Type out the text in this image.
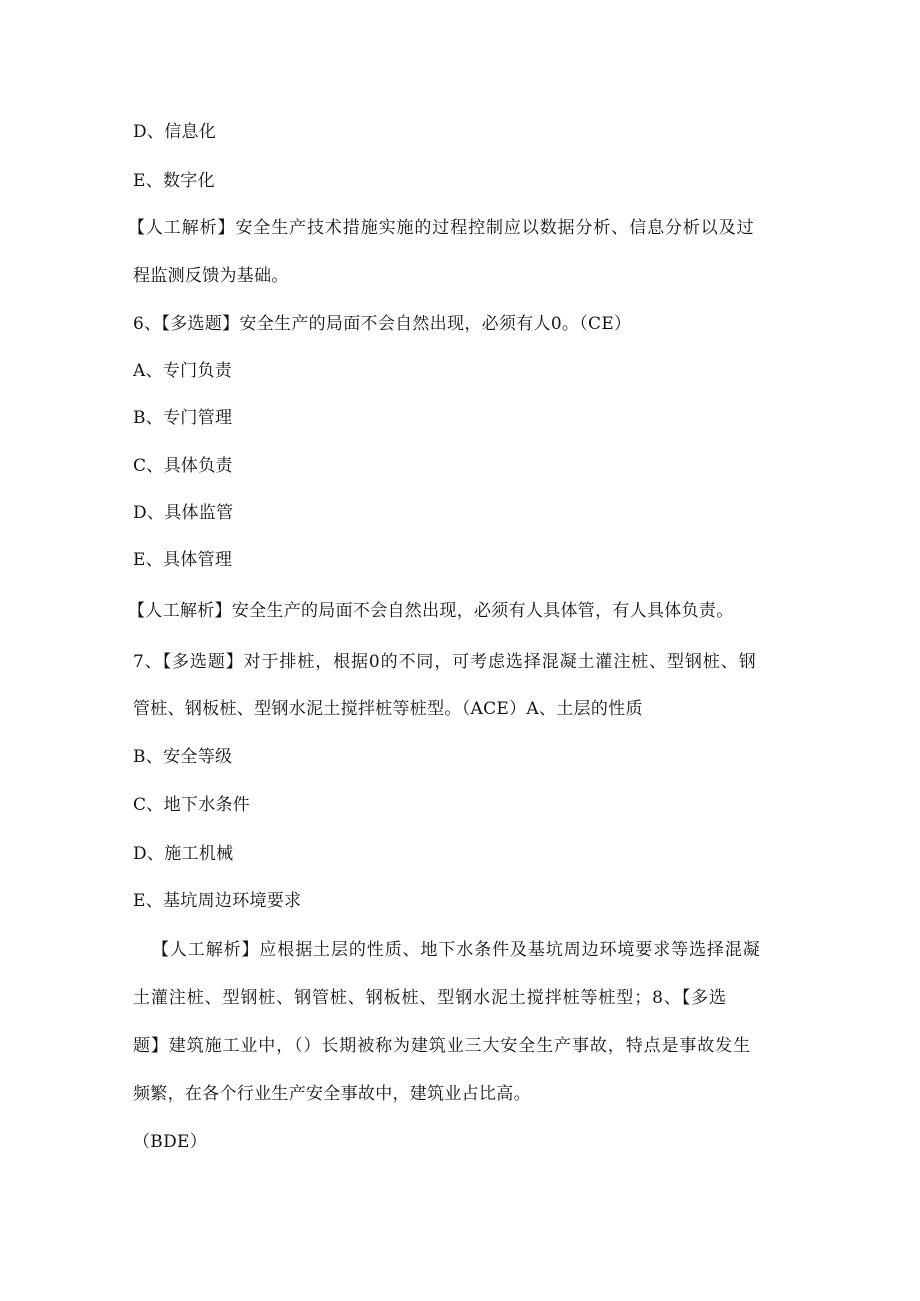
D、信息化
E、数字化
【人工解析】安全生产技术措施实施的过程控制应以数据分析、信息分析以及过
程监测反馈为基础。
6、【多选题】安全生产的局面不会自然出现，必须有人0。（CE）
A、专门负责
B、专门管理
C、具体负责
D、具体监管
E、具体管理
【人工解析】安全生产的局面不会自然出现，必须有人具体管，有人具体负责。
7、【多选题】对于排桩，根据0的不同，可考虑选择混凝土灌注桩、型钢桩、钢
管桩、钢板桩、型钢水泥土搅拌桩等桩型。（ACE）A、土层的性质
B、安全等级
C、地下水条件
D、施工机械
E、基坑周边环境要求
【人工解析】应根据土层的性质、地下水条件及基坑周边环境要求等选择混凝
土灌注桩、型钢桩、钢管桩、钢板桩、型钢水泥土搅拌桩等桩型；8、【多选
题】建筑施工业中，（）长期被称为建筑业三大安全生产事故，特点是事故发生
频繁，在各个行业生产安全事故中，建筑业占比高。
（BDE）
